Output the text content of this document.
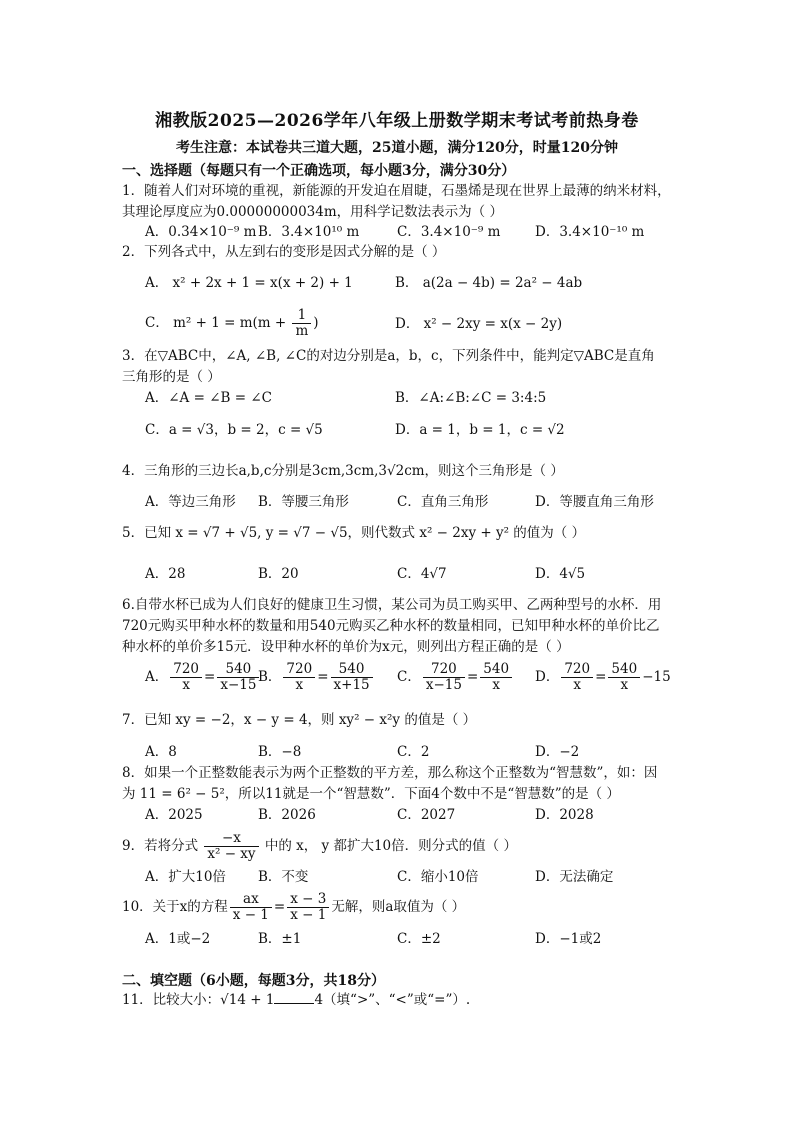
湘教版2025—2026学年八年级上册数学期末考试考前热身卷
考生注意：本试卷共三道大题，25道小题，满分120分，时量120分钟
一、选择题（每题只有一个正确选项，每小题3分，满分30分）
1．随着人们对环境的重视，新能源的开发迫在眉睫，石墨烯是现在世界上最薄的纳米材料，
其理论厚度应为0.00000000034m，用科学记数法表示为（ ）
A．0.34×10⁻⁹ m B．3.4×10¹⁰ m	C．3.4×10⁻⁹ m	D．3.4×10⁻¹⁰ m
2．下列各式中，从左到右的变形是因式分解的是（ ）
A． x² + 2x + 1 = x(x + 2) + 1	B． a(2a − 4b) = 2a² − 4ab
C． $m^2 + 1 = m(m + \frac{1}{m}$ )	D． x² − 2xy = x(x − 2y)
3．在▽ABC中，∠A, ∠B, ∠C的对边分别是a，b，c，下列条件中，能判定▽ABC是直角
三角形的是（ ）
A．∠A = ∠B = ∠C	B．∠A:∠B:∠C = 3:4:5
C．a = √3，b = 2，c = √5	D．a = 1，b = 1，c = √2
4．三角形的三边长a,b,c分别是3cm,3cm,3√2cm，则这个三角形是（ ）
A．等边三角形 B．等腰三角形	C．直角三角形	D．等腰直角三角形
5．已知 x = √7 + √5, y = √7 − √5，则代数式 x² − 2xy + y² 的值为（ ）
A．28	B．20	C．4√7	D．4√5
6.自带水杯已成为人们良好的健康卫生习惯，某公司为员工购买甲、乙两种型号的水杯．用
720元购买甲种水杯的数量和用540元购买乙种水杯的数量相同，已知甲种水杯的单价比乙
种水杯的单价多15元．设甲种水杯的单价为x元，则列出方程正确的是（ ）
A． $\frac{720}{x} = \frac{540}{x-15}$
B． $\frac{720}{x} = \frac{540}{x+15}$ C． $\frac{720}{x-15} = \frac{540}{x}$ D． $\frac{720}{x} = \frac{540}{x} -15$
7．已知 xy = −2，x − y = 4，则 xy² − x²y 的值是（ ）
A．8	B．−8	C．2	D．−2
8．如果一个正整数能表示为两个正整数的平方差，那么称这个正整数为“智慧数”，如：因
为 11 = 6² − 5²，所以11就是一个“智慧数”．下面4个数中不是“智慧数”的是（ ）
A．2025	B．2026	C．2027	D．2028
9．若将分式 $\frac{-x}{\text{x² − xy}}$ 中的 x， y 都扩大10倍．则分式的值（ ）
A．扩大10倍 B．不变	C．缩小10倍	D．无法确定
10．关于x的方程 $\frac{ax}{x - 1} = \frac{x - 3}{x - 1}$ 无解，则a取值为（ ）
A．1或−2	B．±1	C．±2	D．−1或2
二、填空题（6小题，每题3分，共18分）
11．比较大小：√14 + 1	4（填“>”、“<”或“=”）.
